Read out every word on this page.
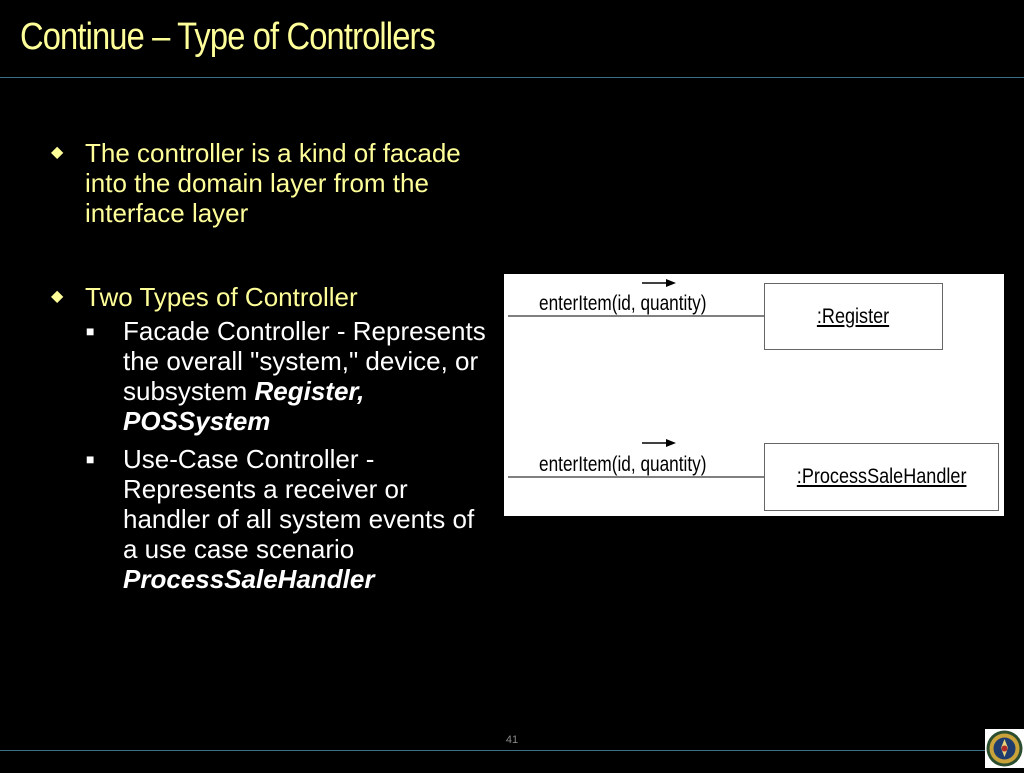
Continue – Type of Controllers
◆ The controller is a kind of facade into the domain layer from the interface layer
◆ Two Types of Controller
■ Facade Controller - Represents the overall "system," device, or subsystem Register, POSSystem
■ Use-Case Controller - Represents a receiver or handler of all system events of a use case scenario ProcessSaleHandler
enterItem(id, quantity)
:Register
enterItem(id, quantity)
:ProcessSaleHandler
41
